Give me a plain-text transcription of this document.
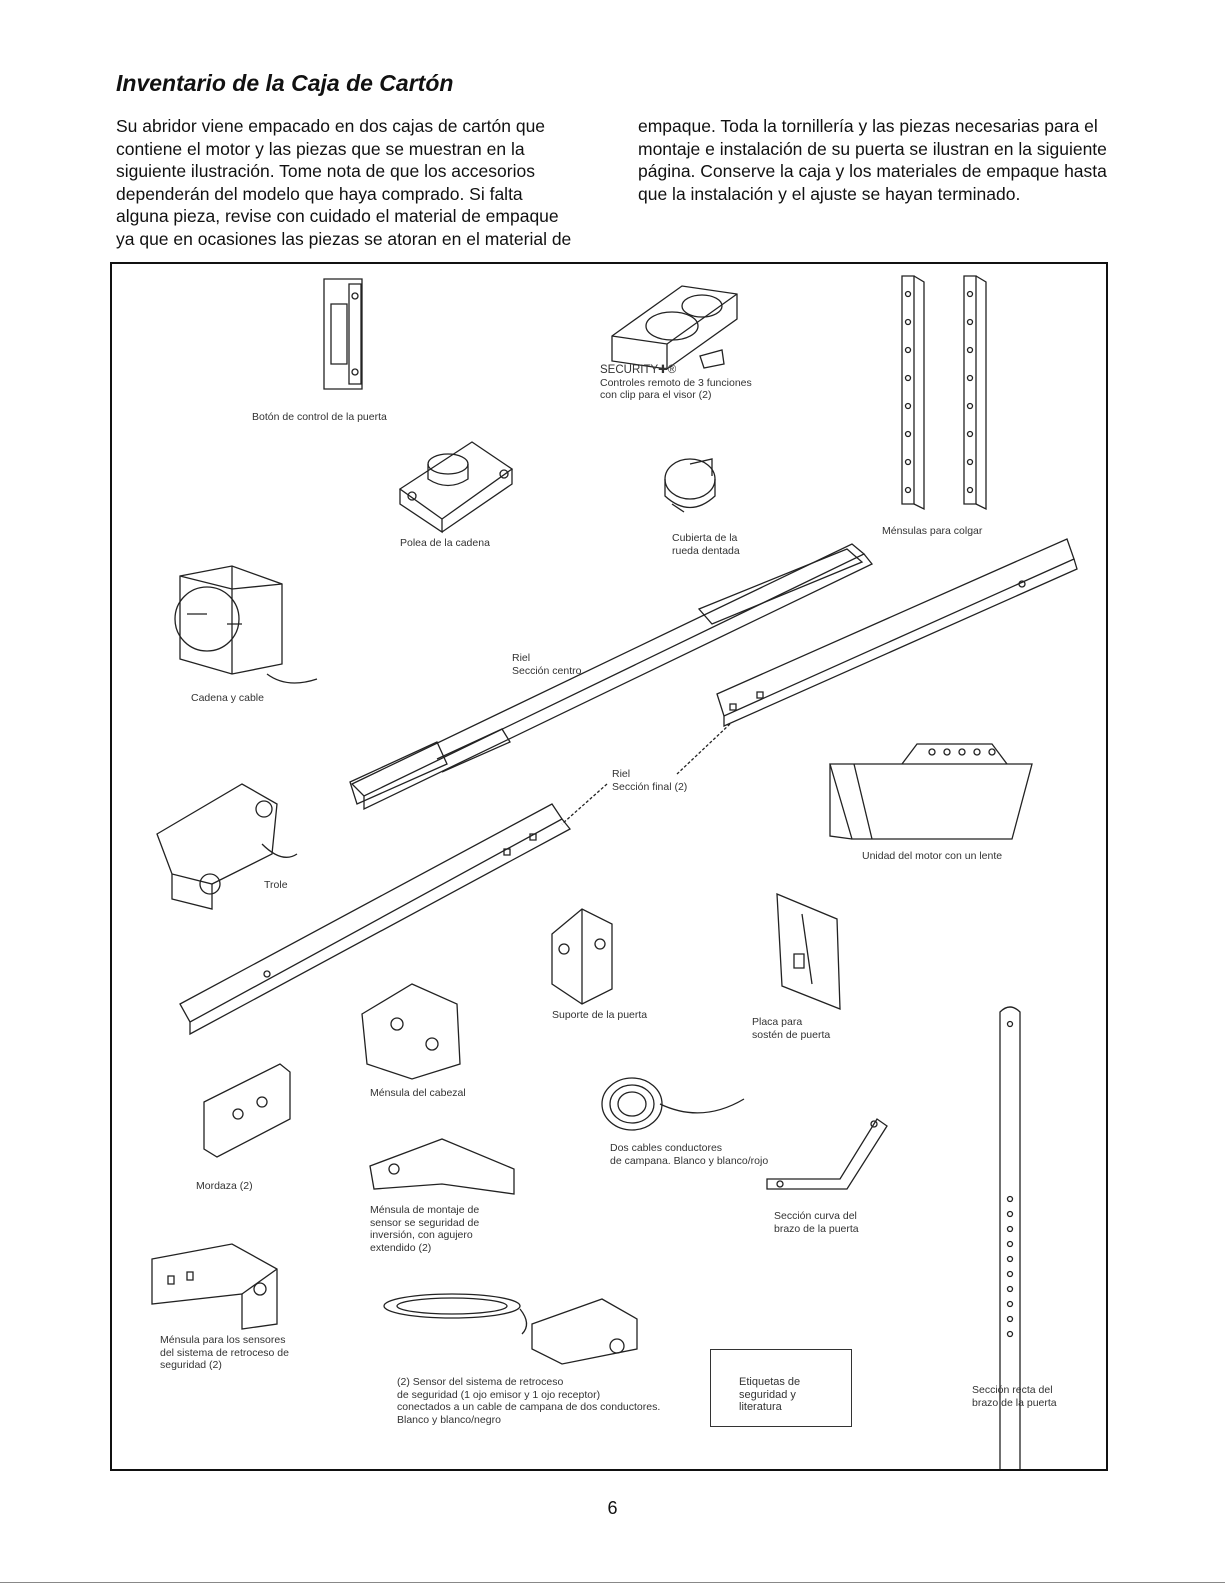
Inventario de la Caja de Cartón

Su abridor viene empacado en dos cajas de cartón que contiene el motor y las piezas que se muestran en la siguiente ilustración. Tome nota de que los accesorios dependerán del modelo que haya comprado. Si falta alguna pieza, revise con cuidado el material de empaque ya que en ocasiones las piezas se atoran en el material de

empaque. Toda la tornillería y las piezas necesarias para el montaje e instalación de su puerta se ilustran en la siguiente página. Conserve la caja y los materiales de empaque hasta que la instalación y el ajuste se hayan terminado.

Botón de control de la puerta
SECURITY✚®
Controles remoto de 3 funciones
con clip para el visor (2)
Ménsulas para colgar
Polea de la cadena	Cubierta de la
rueda dentada
Cadena y cable
Riel
Sección centro
Riel
Sección final (2)
Trole
Unidad del motor con un lente
Suporte de la puerta
Placa para
sostén de puerta
Ménsula del cabezal
Dos cables conductores
de campana. Blanco y blanco/rojo
Mordaza (2)
Ménsula de montaje de
sensor se seguridad de
inversión, con agujero
extendido (2)
Sección curva del
brazo de la puerta
Ménsula para los sensores
del sistema de retroceso de
seguridad (2)
(2) Sensor del sistema de retroceso
de seguridad (1 ojo emisor y 1 ojo receptor)
conectados a un cable de campana de dos conductores.
Blanco y blanco/negro
Etiquetas de
seguridad y
literatura
Sección recta del
brazo de la puerta
6
